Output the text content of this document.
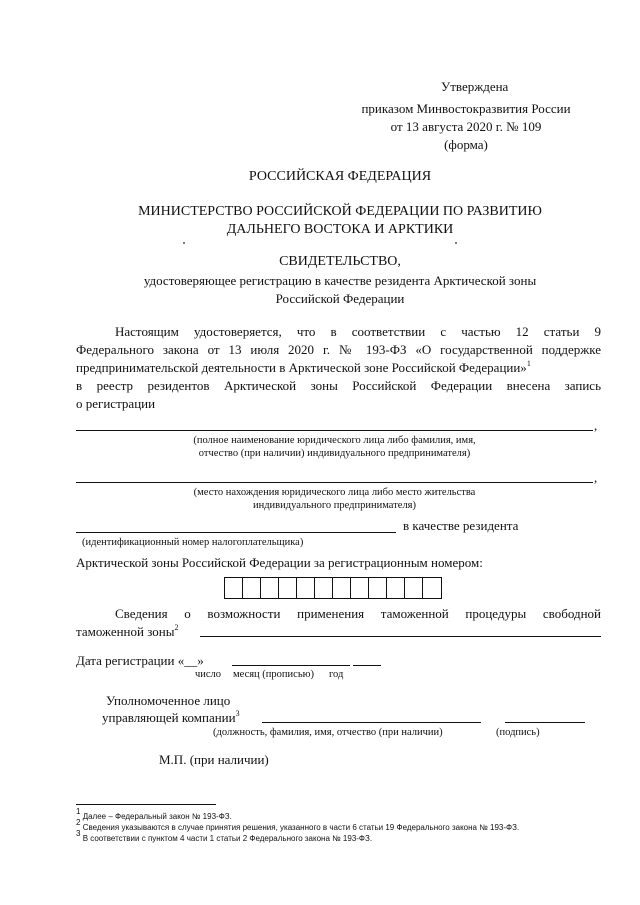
Утверждена
приказом Минвостокразвития России
от 13 августа 2020 г. № 109
(форма)
РОССИЙСКАЯ ФЕДЕРАЦИЯ
МИНИСТЕРСТВО РОССИЙСКОЙ ФЕДЕРАЦИИ ПО РАЗВИТИЮ
ДАЛЬНЕГО ВОСТОКА И АРКТИКИ
СВИДЕТЕЛЬСТВО,
удостоверяющее регистрацию в качестве резидента Арктической зоны
Российской Федерации
Настоящим удостоверяется, что в соответствии с частью 12 статьи 9
Федерального закона от 13 июля 2020 г. № 193-ФЗ «О государственной поддержке
предпринимательской деятельности в Арктической зоне Российской Федерации»$^1$
в реестр резидентов Арктической зоны Российской Федерации внесена запись
о регистрации
,
(полное наименование юридического лица либо фамилия, имя,
отчество (при наличии) индивидуального предпринимателя)
,
(место нахождения юридического лица либо место жительства
индивидуального предпринимателя)
в качестве резидента
(идентификационный номер налогоплательщика)
Арктической зоны Российской Федерации за регистрационным номером:
Сведения о возможности применения таможенной процедуры свободной
таможенной зоны$^2$
Дата регистрации «__»
число месяц (прописью) год
Уполномоченное лицо
управляющей компании$^3$
(должность, фамилия, имя, отчество (при наличии)	(подпись)
М.П. (при наличии)
$^1$ Далее – Федеральный закон № 193-ФЗ.
$^2$ Сведения указываются в случае принятия решения, указанного в части 6 статьи 19 Федерального закона № 193-ФЗ.
$^3$ В соответствии с пунктом 4 части 1 статьи 2 Федерального закона № 193-ФЗ.
